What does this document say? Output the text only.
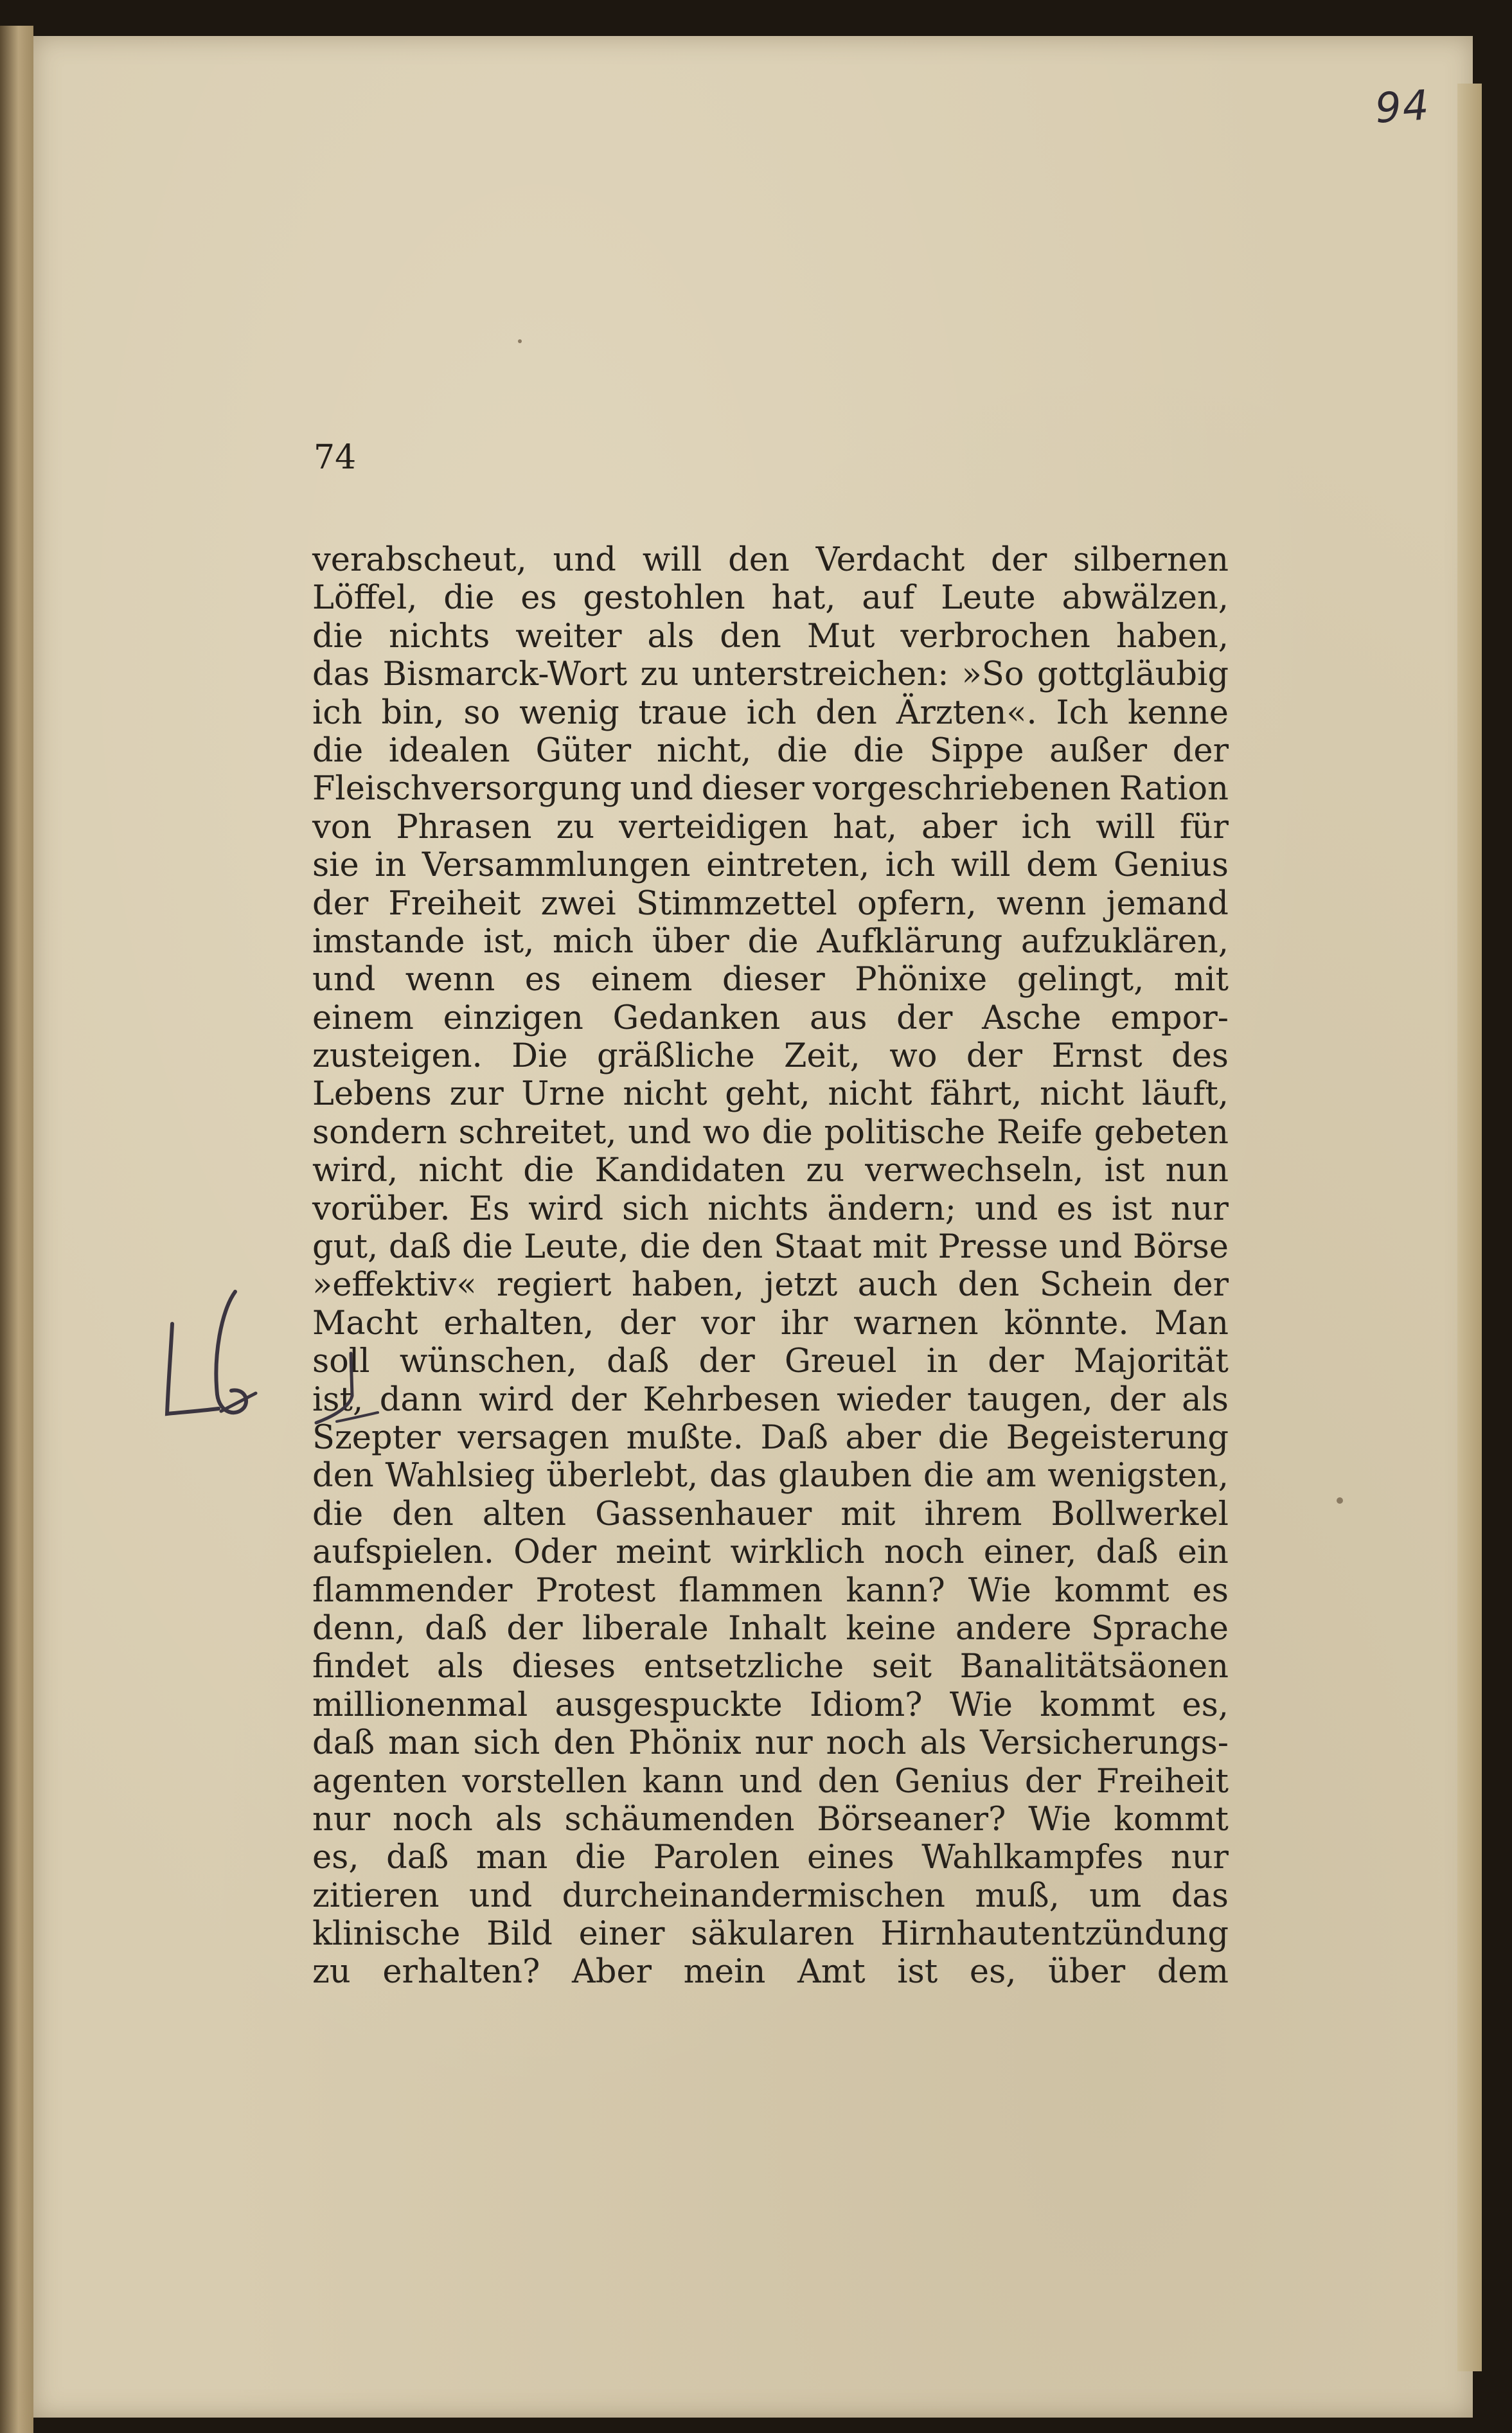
94
74
verabscheut, und will den Verdacht der silbernen
Löffel, die es gestohlen hat, auf Leute abwälzen,
die nichts weiter als den Mut verbrochen haben,
das Bismarck-Wort zu unterstreichen: »So gottgläubig
ich bin, so wenig traue ich den Ärzten«. Ich kenne
die idealen Güter nicht, die die Sippe außer der
Fleischversorgung und dieser vorgeschriebenen Ration
von Phrasen zu verteidigen hat, aber ich will für
sie in Versammlungen eintreten, ich will dem Genius
der Freiheit zwei Stimmzettel opfern, wenn jemand
imstande ist, mich über die Aufklärung aufzuklären,
und wenn es einem dieser Phönixe gelingt, mit
einem einzigen Gedanken aus der Asche empor-
zusteigen. Die gräßliche Zeit, wo der Ernst des
Lebens zur Urne nicht geht, nicht fährt, nicht läuft,
sondern schreitet, und wo die politische Reife gebeten
wird, nicht die Kandidaten zu verwechseln, ist nun
vorüber. Es wird sich nichts ändern; und es ist nur
gut, daß die Leute, die den Staat mit Presse und Börse
»effektiv« regiert haben, jetzt auch den Schein der
Macht erhalten, der vor ihr warnen könnte. Man
soll wünschen, daß der Greuel in der Majorität
ist, dann wird der Kehrbesen wieder taugen, der als
Szepter versagen mußte. Daß aber die Begeisterung
den Wahlsieg überlebt, das glauben die am wenigsten,
die den alten Gassenhauer mit ihrem Bollwerkel
aufspielen. Oder meint wirklich noch einer, daß ein
flammender Protest flammen kann? Wie kommt es
denn, daß der liberale Inhalt keine andere Sprache
findet als dieses entsetzliche seit Banalitätsäonen
millionenmal ausgespuckte Idiom? Wie kommt es,
daß man sich den Phönix nur noch als Versicherungs-
agenten vorstellen kann und den Genius der Freiheit
nur noch als schäumenden Börseaner? Wie kommt
es, daß man die Parolen eines Wahlkampfes nur
zitieren und durcheinandermischen muß, um das
klinische Bild einer säkularen Hirnhautentzündung
zu erhalten? Aber mein Amt ist es, über dem
